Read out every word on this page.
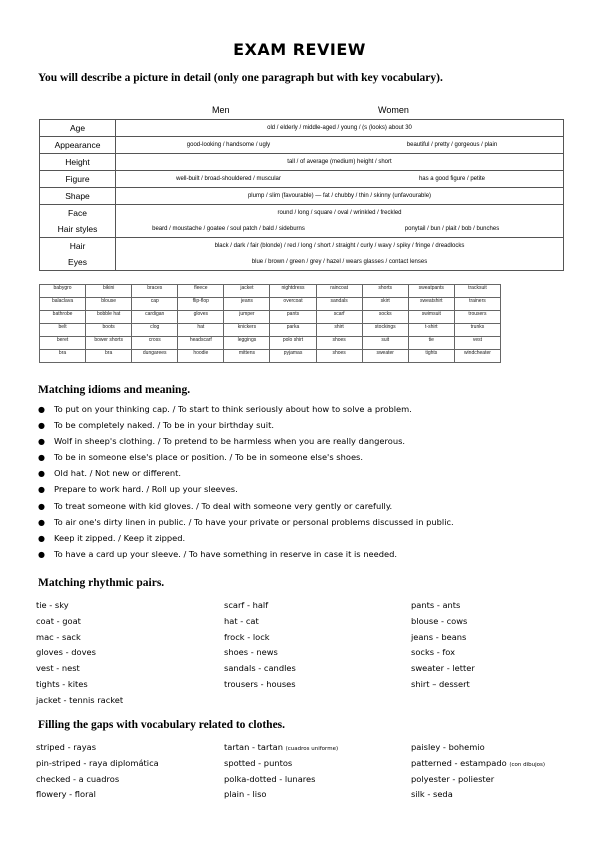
EXAM REVIEW
You will describe a picture in detail (only one paragraph but with key vocabulary).
Men	Women
Age	old / elderly / middle-aged / young / (s (looks) about 30	
Appearance	good-looking / handsome / ugly	beautiful / pretty / gorgeous / plain
Height	tall / of average (medium) height / short	
Figure	well-built / broad-shouldered / muscular	has a good figure / petite
Shape	plump / slim (favourable) — fat / chubby / thin / skinny (unfavourable)	
Face	round / long / square / oval / wrinkled / freckled	
Hair styles	beard / moustache / goatee / soul patch / bald / sideburns	ponytail / bun / plait / bob / bunches
Hair	black / dark / fair (blonde) / red / long / short / straight / curly / wavy / spiky / fringe / dreadlocks	
Eyes	blue / brown / green / grey / hazel / wears glasses / contact lenses	
babygro	bikini	braces	fleece	jacket	nightdress	raincoat	shorts	sweatpants	tracksuit
balaclava	blouse	cap	flip-flop	jeans	overcoat	sandals	skirt	sweatshirt	trainers
bathrobe	bobble hat	cardigan	gloves	jumper	pants	scarf	socks	swimsuit	trousers
belt	boots	clog	hat	knickers	parka	shirt	stockings	t-shirt	trunks
beret	bower shorts	cross	headscarf	leggings	polo shirt	shoes	suit	tie	vest
bra	bra	dungarees	hoodie	mittens	pyjamas	shoes	sweater	tights	windcheater
Matching idioms and meaning.
● To put on your thinking cap. / To start to think seriously about how to solve a problem.
● To be completely naked. / To be in your birthday suit.
● Wolf in sheep's clothing. / To pretend to be harmless when you are really dangerous.
● To be in someone else's place or position. / To be in someone else's shoes.
● Old hat. / Not new or different.
● Prepare to work hard. / Roll up your sleeves.
● To treat someone with kid gloves. / To deal with someone very gently or carefully.
● To air one's dirty linen in public. / To have your private or personal problems discussed in public.
● Keep it zipped. / Keep it zipped.
● To have a card up your sleeve. / To have something in reserve in case it is needed.
Matching rhythmic pairs.
tie - sky
coat - goat
mac - sack
gloves - doves
vest - nest
tights - kites
jacket - tennis racket
scarf - half
hat - cat
frock - lock
shoes - news
sandals - candles
trousers - houses
pants - ants
blouse - cows
jeans - beans
socks - fox
sweater - letter
shirt – dessert
Filling the gaps with vocabulary related to clothes.
striped - rayas
pin-striped - raya diplomática
checked - a cuadros
flowery - floral
tartan - tartan (cuadros uniforme)
spotted - puntos
polka-dotted - lunares
plain - liso
paisley - bohemio
patterned - estampado (con dibujos)
polyester - poliester
silk - seda
